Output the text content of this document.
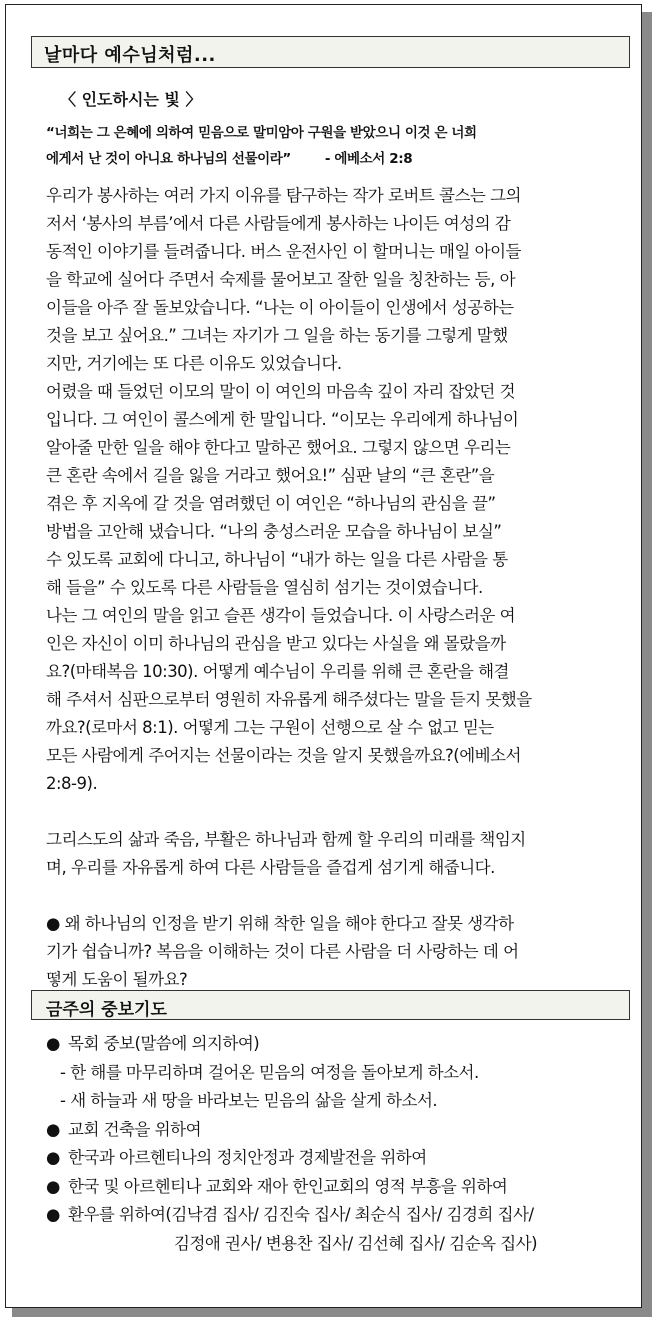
날마다 예수님처럼...
〈 인도하시는 빛 〉
“너희는 그 은혜에 의하여 믿음으로 말미암아 구원을 받았으니 이것 은 너희
에게서 난 것이 아니요 하나님의 선물이라”	- 에베소서 2:8
우리가 봉사하는 여러 가지 이유를 탐구하는 작가 로버트 콜스는 그의
저서 ‘봉사의 부름’에서 다른 사람들에게 봉사하는 나이든 여성의 감
동적인 이야기를 들려줍니다. 버스 운전사인 이 할머니는 매일 아이들
을 학교에 실어다 주면서 숙제를 물어보고 잘한 일을 칭찬하는 등, 아
이들을 아주 잘 돌보았습니다. “나는 이 아이들이 인생에서 성공하는
것을 보고 싶어요.” 그녀는 자기가 그 일을 하는 동기를 그렇게 말했
지만, 거기에는 또 다른 이유도 있었습니다.
어렸을 때 들었던 이모의 말이 이 여인의 마음속 깊이 자리 잡았던 것
입니다. 그 여인이 콜스에게 한 말입니다. “이모는 우리에게 하나님이
알아줄 만한 일을 해야 한다고 말하곤 했어요. 그렇지 않으면 우리는
큰 혼란 속에서 길을 잃을 거라고 했어요!” 심판 날의 “큰 혼란”을
겪은 후 지옥에 갈 것을 염려했던 이 여인은 “하나님의 관심을 끌”
방법을 고안해 냈습니다. “나의 충성스러운 모습을 하나님이 보실”
수 있도록 교회에 다니고, 하나님이 “내가 하는 일을 다른 사람을 통
해 들을” 수 있도록 다른 사람들을 열심히 섬기는 것이였습니다.
나는 그 여인의 말을 읽고 슬픈 생각이 들었습니다. 이 사랑스러운 여
인은 자신이 이미 하나님의 관심을 받고 있다는 사실을 왜 몰랐을까
요?(마태복음 10:30). 어떻게 예수님이 우리를 위해 큰 혼란을 해결
해 주셔서 심판으로부터 영원히 자유롭게 해주셨다는 말을 듣지 못했을
까요?(로마서 8:1). 어떻게 그는 구원이 선행으로 살 수 없고 믿는
모든 사람에게 주어지는 선물이라는 것을 알지 못했을까요?(에베소서
2:8-9).
그리스도의 삶과 죽음, 부활은 하나님과 함께 할 우리의 미래를 책임지
며, 우리를 자유롭게 하여 다른 사람들을 즐겁게 섬기게 해줍니다.
● 왜 하나님의 인정을 받기 위해 착한 일을 해야 한다고 잘못 생각하
기가 쉽습니까? 복음을 이해하는 것이 다른 사람을 더 사랑하는 데 어
떻게 도움이 될까요?
금주의 중보기도
● 목회 중보(말씀에 의지하여)
- 한 해를 마무리하며 걸어온 믿음의 여정을 돌아보게 하소서.
- 새 하늘과 새 땅을 바라보는 믿음의 삶을 살게 하소서.
● 교회 건축을 위하여
● 한국과 아르헨티나의 정치안정과 경제발전을 위하여
● 한국 및 아르헨티나 교회와 재아 한인교회의 영적 부흥을 위하여
● 환우를 위하여(김낙겸 집사/ 김진숙 집사/ 최순식 집사/ 김경희 집사/
김정애 권사/ 변용찬 집사/ 김선혜 집사/ 김순옥 집사)
